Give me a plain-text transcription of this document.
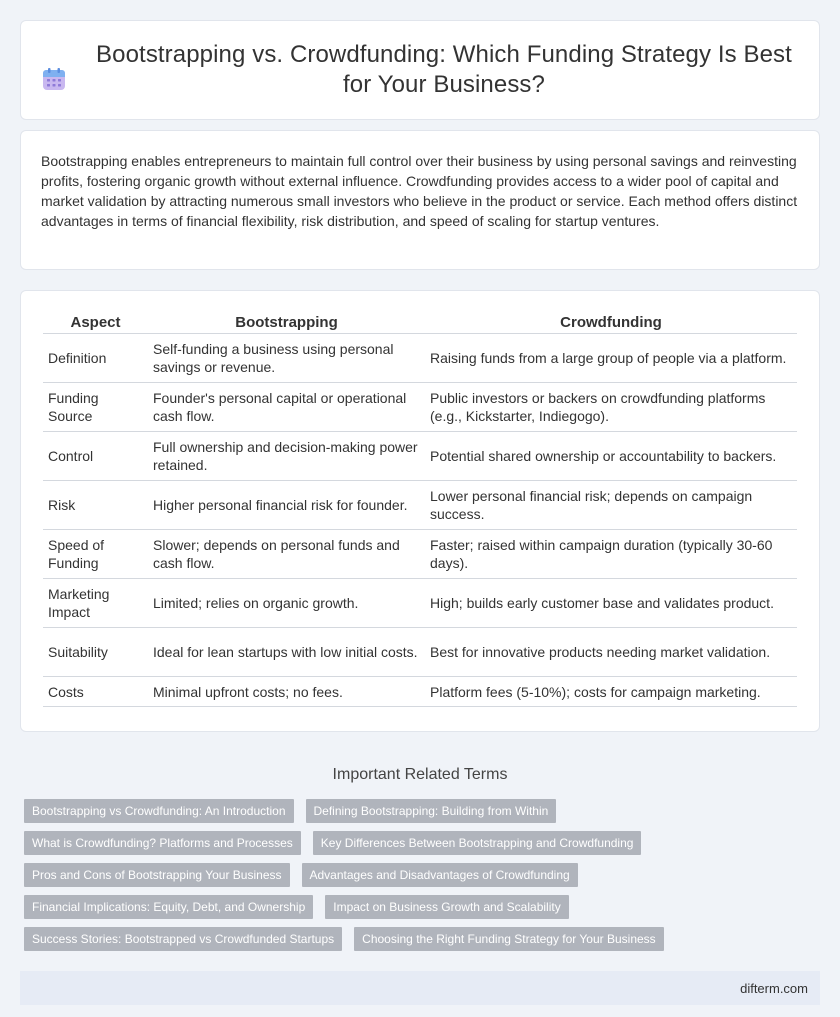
Bootstrapping vs. Crowdfunding: Which Funding Strategy Is Best for Your Business?

Bootstrapping enables entrepreneurs to maintain full control over their business by using personal savings and reinvesting profits, fostering organic growth without external influence. Crowdfunding provides access to a wider pool of capital and market validation by attracting numerous small investors who believe in the product or service. Each method offers distinct advantages in terms of financial flexibility, risk distribution, and speed of scaling for startup ventures.

Aspect	Bootstrapping	Crowdfunding
Definition	Self-funding a business using personal savings or revenue.	Raising funds from a large group of people via a platform.
Funding Source	Founder's personal capital or operational cash flow.	Public investors or backers on crowdfunding platforms (e.g., Kickstarter, Indiegogo).
Control	Full ownership and decision-making power retained.	Potential shared ownership or accountability to backers.
Risk	Higher personal financial risk for founder.	Lower personal financial risk; depends on campaign success.
Speed of Funding	Slower; depends on personal funds and cash flow.	Faster; raised within campaign duration (typically 30-60 days).
Marketing Impact	Limited; relies on organic growth.	High; builds early customer base and validates product.
Suitability	Ideal for lean startups with low initial costs.	Best for innovative products needing market validation.
Costs	Minimal upfront costs; no fees.	Platform fees (5-10%); costs for campaign marketing.
Important Related Terms
Bootstrapping vs Crowdfunding: An Introduction	Defining Bootstrapping: Building from Within
What is Crowdfunding? Platforms and Processes	Key Differences Between Bootstrapping and Crowdfunding
Pros and Cons of Bootstrapping Your Business	Advantages and Disadvantages of Crowdfunding
Financial Implications: Equity, Debt, and Ownership	Impact on Business Growth and Scalability
Success Stories: Bootstrapped vs Crowdfunded Startups	Choosing the Right Funding Strategy for Your Business
difterm.com
